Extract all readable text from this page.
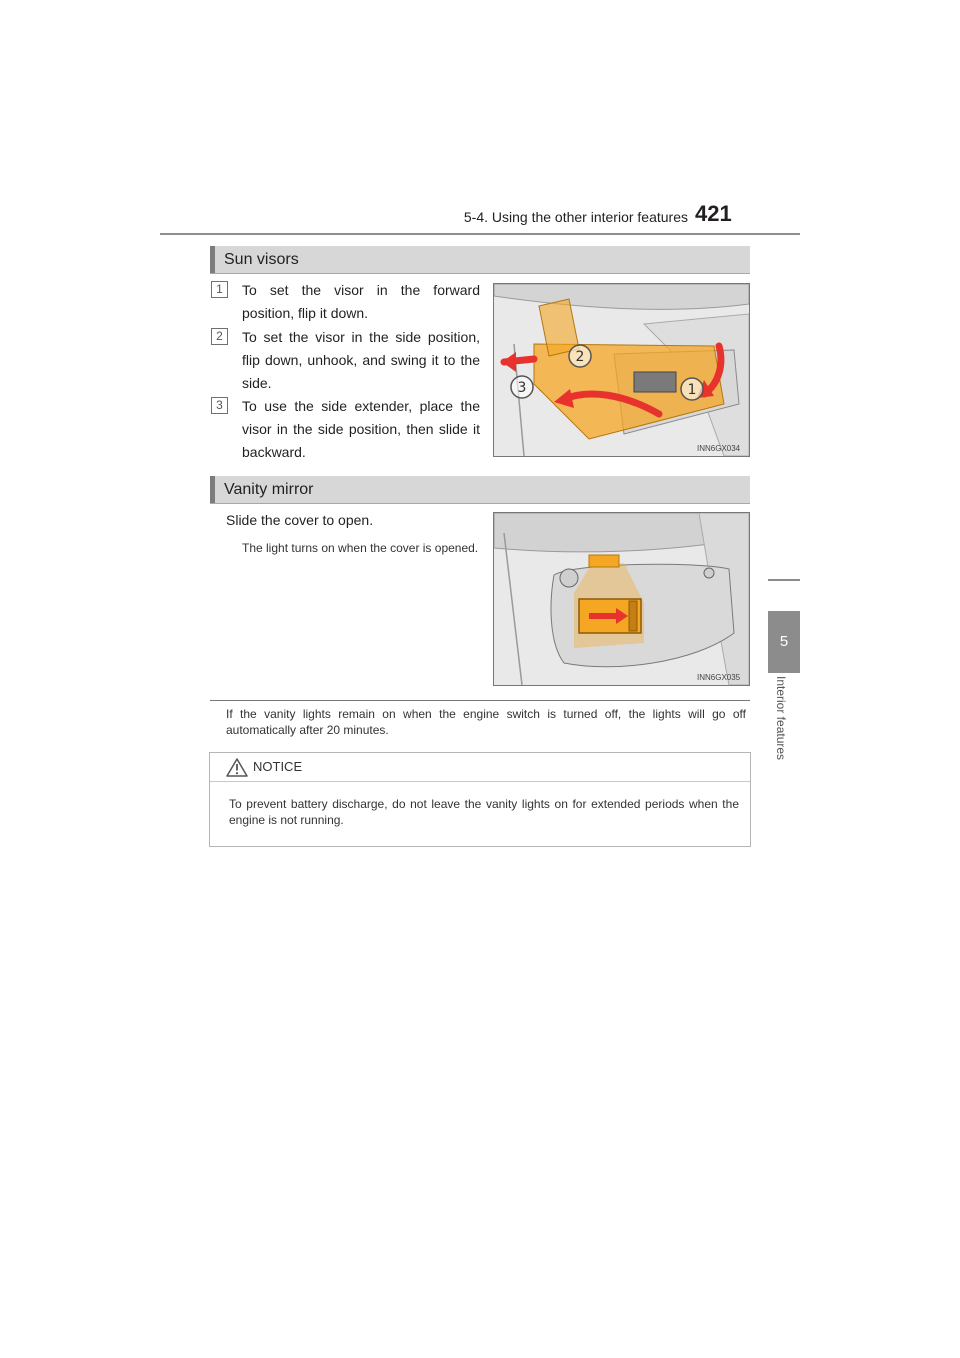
5-4. Using the other interior features 421
5
Interior features
Sun visors
1	To set the visor in the forward position, flip it down.
2	To set the visor in the side position, flip down, unhook, and swing it to the side.
3	To use the side extender, place the visor in the side position, then slide it backward.
1
2
3
INN6GX034
Vanity mirror
Slide the cover to open.
The light turns on when the cover is opened.
INN6GX035
If the vanity lights remain on when the engine switch is turned off, the lights will go off automatically after 20 minutes.
NOTICE
To prevent battery discharge, do not leave the vanity lights on for extended periods when the engine is not running.
